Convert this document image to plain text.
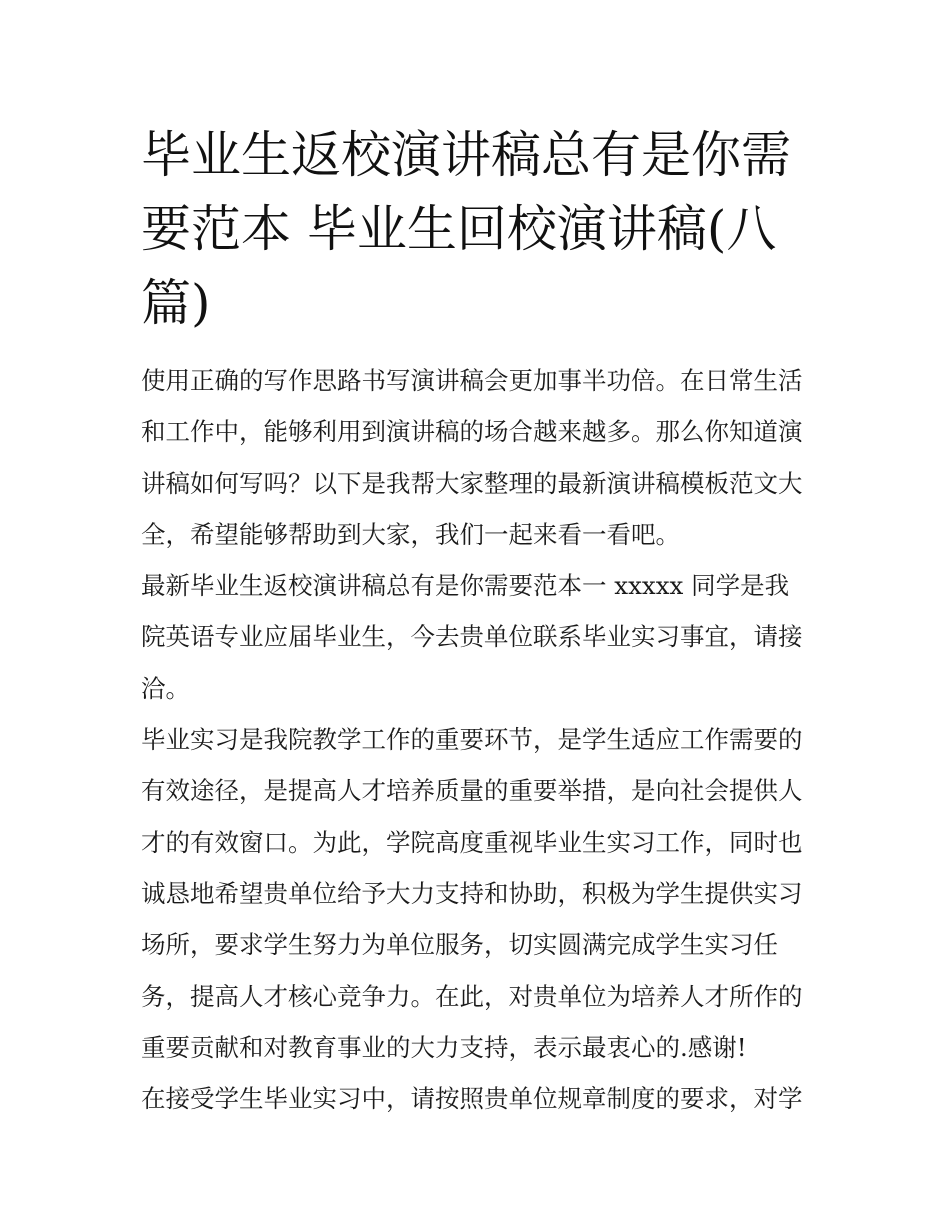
毕业生返校演讲稿总有是你需要范本 毕业生回校演讲稿(八篇)

使用正确的写作思路书写演讲稿会更加事半功倍。在日常生活和工作中，能够利用到演讲稿的场合越来越多。那么你知道演讲稿如何写吗？以下是我帮大家整理的最新演讲稿模板范文大全，希望能够帮助到大家，我们一起来看一看吧。

最新毕业生返校演讲稿总有是你需要范本一 xxxxx 同学是我院英语专业应届毕业生，今去贵单位联系毕业实习事宜，请接洽。

毕业实习是我院教学工作的重要环节，是学生适应工作需要的有效途径，是提高人才培养质量的重要举措，是向社会提供人才的有效窗口。为此，学院高度重视毕业生实习工作，同时也诚恳地希望贵单位给予大力支持和协助，积极为学生提供实习场所，要求学生努力为单位服务，切实圆满完成学生实习任务，提高人才核心竞争力。在此，对贵单位为培养人才所作的重要贡献和对教育事业的大力支持，表示最衷心的.感谢!

在接受学生毕业实习中，请按照贵单位规章制度的要求，对学
